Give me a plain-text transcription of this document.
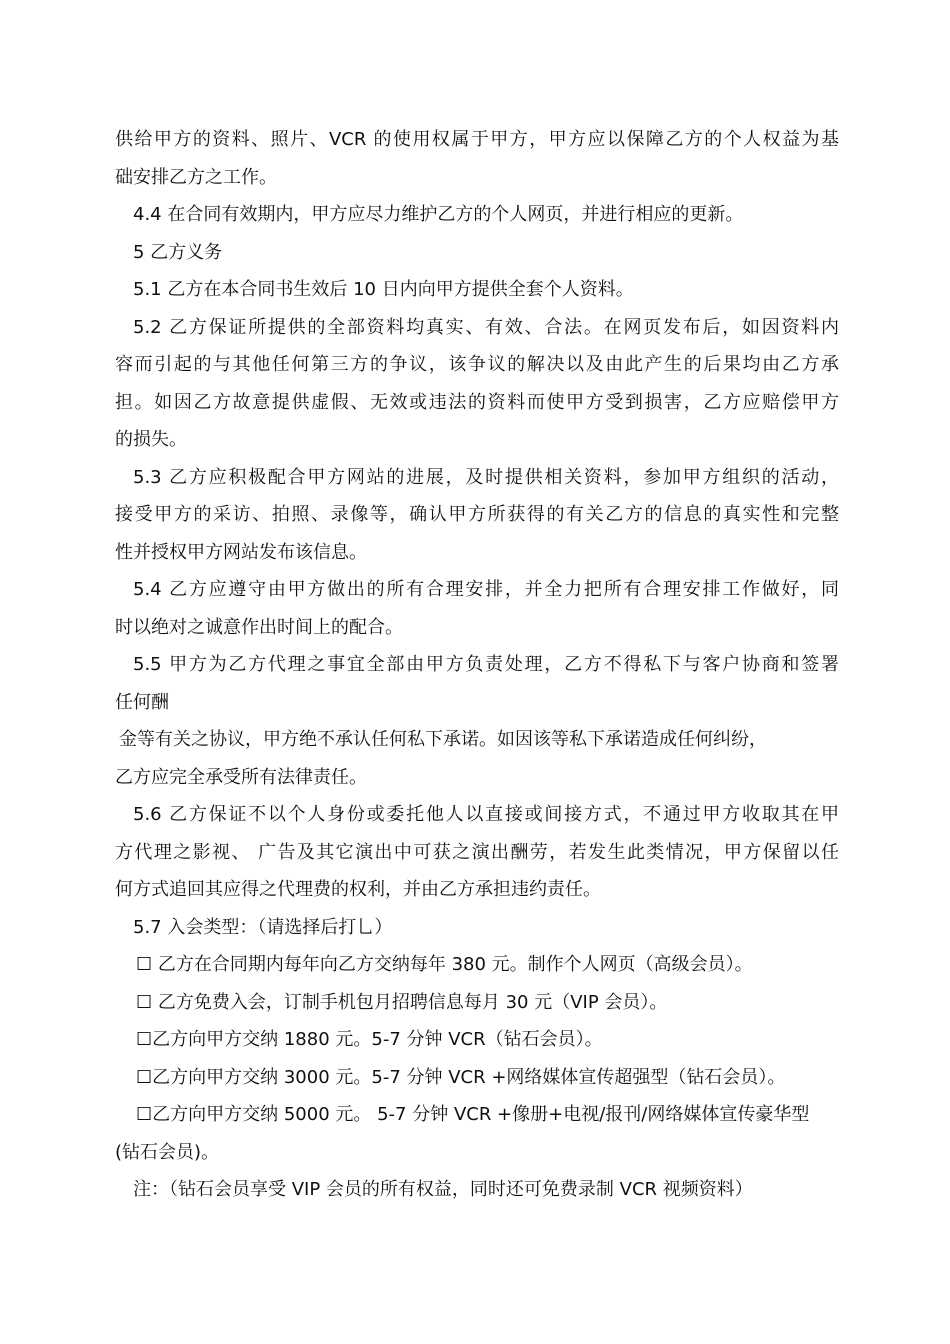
供给甲方的资料、照片、VCR 的使用权属于甲方，甲方应以保障乙方的个人权益为基
础安排乙方之工作。
4.4 在合同有效期内，甲方应尽力维护乙方的个人网页，并进行相应的更新。
5 乙方义务
5.1 乙方在本合同书生效后 10 日内向甲方提供全套个人资料。
5.2 乙方保证所提供的全部资料均真实、有效、合法。在网页发布后，如因资料内
容而引起的与其他任何第三方的争议，该争议的解决以及由此产生的后果均由乙方承
担。如因乙方故意提供虚假、无效或违法的资料而使甲方受到损害，乙方应赔偿甲方
的损失。
5.3 乙方应积极配合甲方网站的进展，及时提供相关资料，参加甲方组织的活动，
接受甲方的采访、拍照、录像等，确认甲方所获得的有关乙方的信息的真实性和完整
性并授权甲方网站发布该信息。
5.4 乙方应遵守由甲方做出的所有合理安排，并全力把所有合理安排工作做好，同
时以绝对之诚意作出时间上的配合。
5.5 甲方为乙方代理之事宜全部由甲方负责处理，乙方不得私下与客户协商和签署
任何酬
金等有关之协议，甲方绝不承认任何私下承诺。如因该等私下承诺造成任何纠纷，
乙方应完全承受所有法律责任。
5.6 乙方保证不以个人身份或委托他人以直接或间接方式，不通过甲方收取其在甲
方代理之影视、 广告及其它演出中可获之演出酬劳，若发生此类情况，甲方保留以任
何方式追回其应得之代理费的权利，并由乙方承担违约责任。
5.7 入会类型：（请选择后打乚）
☐ 乙方在合同期内每年向乙方交纳每年 380 元。制作个人网页（高级会员）。
☐ 乙方免费入会，订制手机包月招聘信息每月 30 元（VIP 会员）。
☐乙方向甲方交纳 1880 元。5-7 分钟 VCR（钻石会员）。
☐乙方向甲方交纳 3000 元。5-7 分钟 VCR +网络媒体宣传超强型（钻石会员）。
☐乙方向甲方交纳 5000 元。 5-7 分钟 VCR +像册+电视/报刊/网络媒体宣传豪华型
(钻石会员)。
注：（钻石会员享受 VIP 会员的所有权益，同时还可免费录制 VCR 视频资料）
